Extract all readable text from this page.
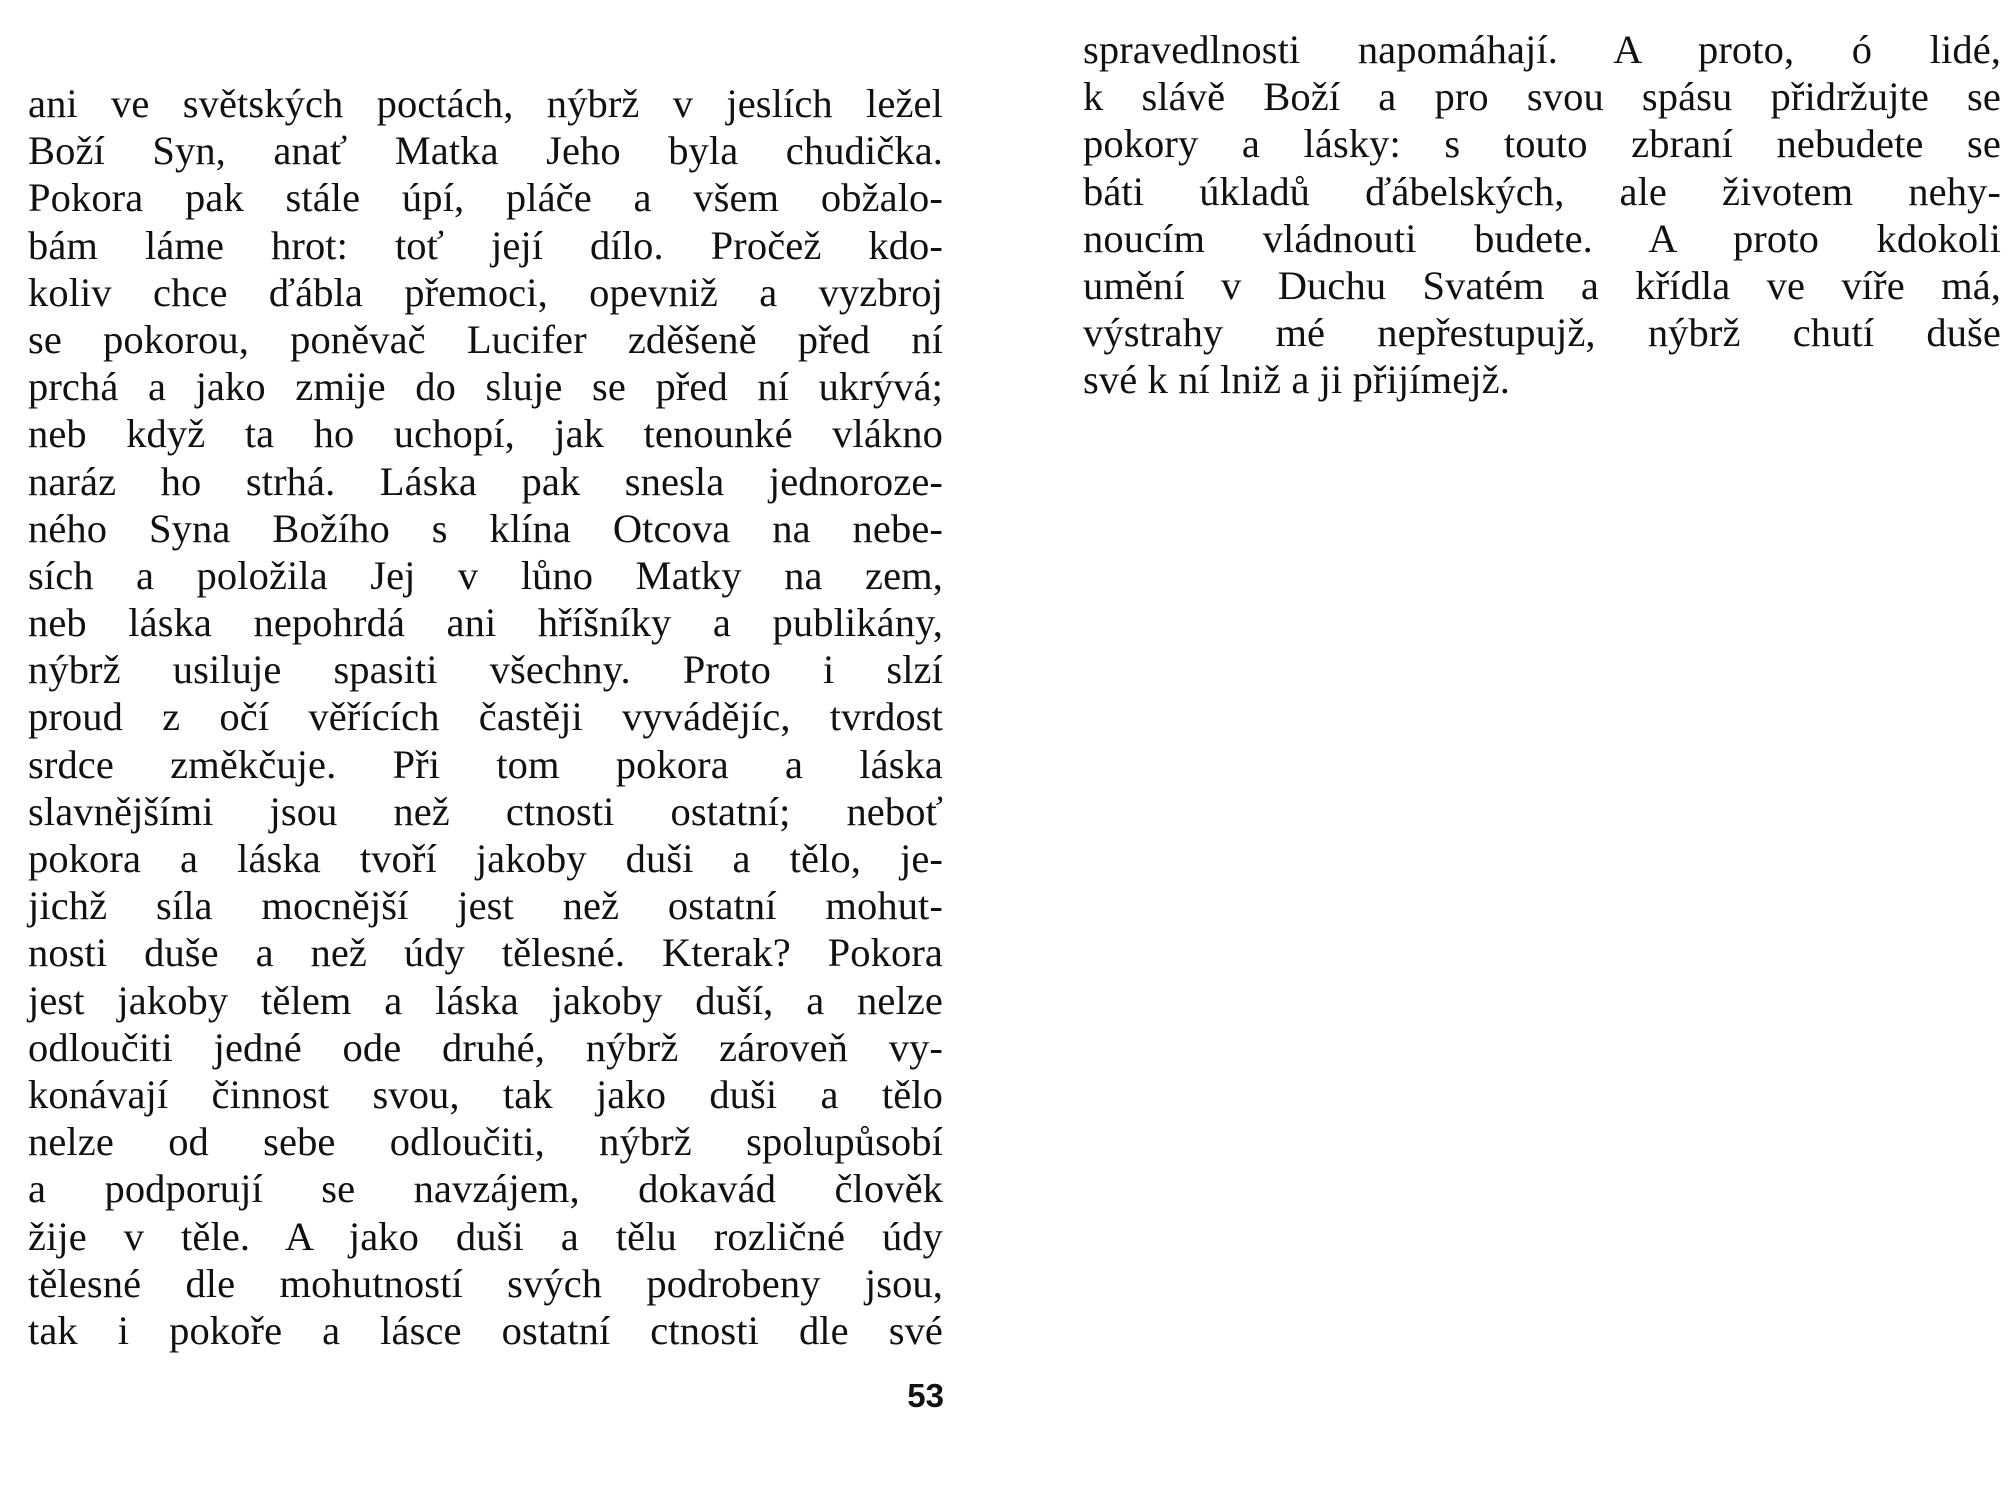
ani ve světských poctách, nýbrž v jeslích ležel
Boží Syn, anať Matka Jeho byla chudička.
Pokora pak stále úpí, pláče a všem obžalo-
bám láme hrot: toť její dílo. Pročež kdo-
koliv chce ďábla přemoci, opevniž a vyzbroj
se pokorou, poněvač Lucifer zděšeně před ní
prchá a jako zmije do sluje se před ní ukrývá;
neb když ta ho uchopí, jak tenounké vlákno
naráz ho strhá. Láska pak snesla jednoroze-
ného Syna Božího s klína Otcova na nebe-
sích a položila Jej v lůno Matky na zem,
neb láska nepohrdá ani hříšníky a publikány,
nýbrž usiluje spasiti všechny. Proto i slzí
proud z očí věřících častěji vyvádějíc, tvrdost
srdce změkčuje. Při tom pokora a láska
slavnějšími jsou než ctnosti ostatní; neboť
pokora a láska tvoří jakoby duši a tělo, je-
jichž síla mocnější jest než ostatní mohut-
nosti duše a než údy tělesné. Kterak? Pokora
jest jakoby tělem a láska jakoby duší, a nelze
odloučiti jedné ode druhé, nýbrž zároveň vy-
konávají činnost svou, tak jako duši a tělo
nelze od sebe odloučiti, nýbrž spolupůsobí
a podporují se navzájem, dokavád člověk
žije v těle. A jako duši a tělu rozličné údy
tělesné dle mohutností svých podrobeny jsou,
tak i pokoře a lásce ostatní ctnosti dle své
53
spravedlnosti napomáhají. A proto, ó lidé,
k slávě Boží a pro svou spásu přidržujte se
pokory a lásky: s touto zbraní nebudete se
báti úkladů ďábelských, ale životem nehy-
noucím vládnouti budete. A proto kdokoli
umění v Duchu Svatém a křídla ve víře má,
výstrahy mé nepřestupujž, nýbrž chutí duše
své k ní lniž a ji přijímejž.
